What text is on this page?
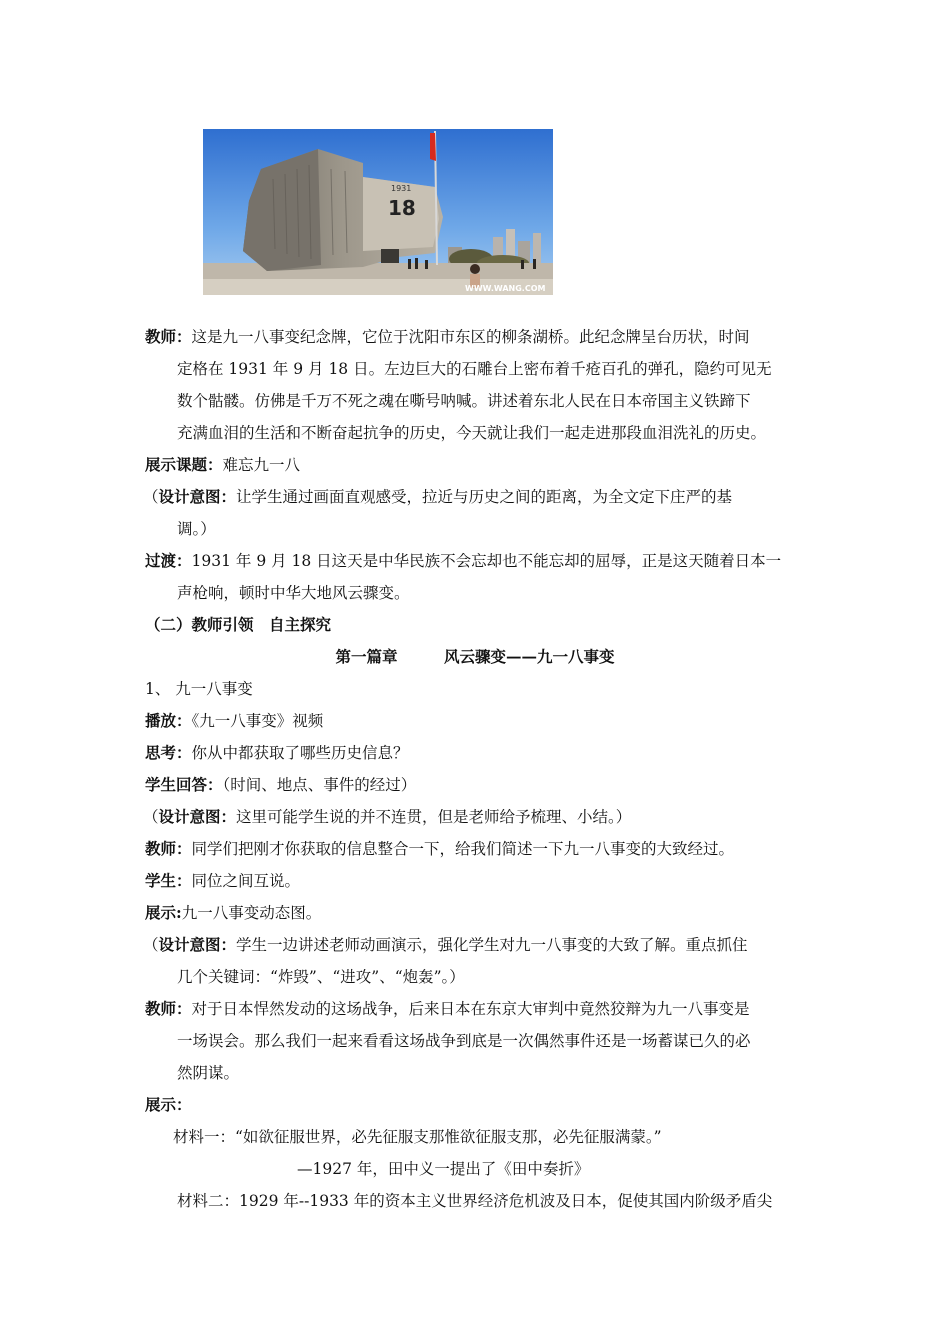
1931
18
WWW.WANG.COM
教师：这是九一八事变纪念牌，它位于沈阳市东区的柳条湖桥。此纪念牌呈台历状，时间
定格在 1931 年 9 月 18 日。左边巨大的石雕台上密布着千疮百孔的弹孔，隐约可见无
数个骷髅。仿佛是千万不死之魂在嘶号呐喊。讲述着东北人民在日本帝国主义铁蹄下
充满血泪的生活和不断奋起抗争的历史，今天就让我们一起走进那段血泪洗礼的历史。
展示课题：难忘九一八
（设计意图：让学生通过画面直观感受，拉近与历史之间的距离，为全文定下庄严的基
调。）
过渡：1931 年 9 月 18 日这天是中华民族不会忘却也不能忘却的屈辱，正是这天随着日本一
声枪响，顿时中华大地风云骤变。
（二）教师引领　自主探究
第一篇章　　　风云骤变——九一八事变
1、 九一八事变
播放：《九一八事变》视频
思考：你从中都获取了哪些历史信息？
学生回答：（时间、地点、事件的经过）
（设计意图：这里可能学生说的并不连贯，但是老师给予梳理、小结。）
教师：同学们把刚才你获取的信息整合一下，给我们简述一下九一八事变的大致经过。
学生：同位之间互说。
展示:九一八事变动态图。
（设计意图：学生一边讲述老师动画演示，强化学生对九一八事变的大致了解。重点抓住
几个关键词：“炸毁”、“进攻”、“炮轰”。）
教师：对于日本悍然发动的这场战争，后来日本在东京大审判中竟然狡辩为九一八事变是
一场误会。那么我们一起来看看这场战争到底是一次偶然事件还是一场蓄谋已久的必
然阴谋。
展示：
材料一：“如欲征服世界，必先征服支那惟欲征服支那，必先征服满蒙。”
—1927 年，田中义一提出了《田中奏折》
材料二：1929 年--1933 年的资本主义世界经济危机波及日本，促使其国内阶级矛盾尖
